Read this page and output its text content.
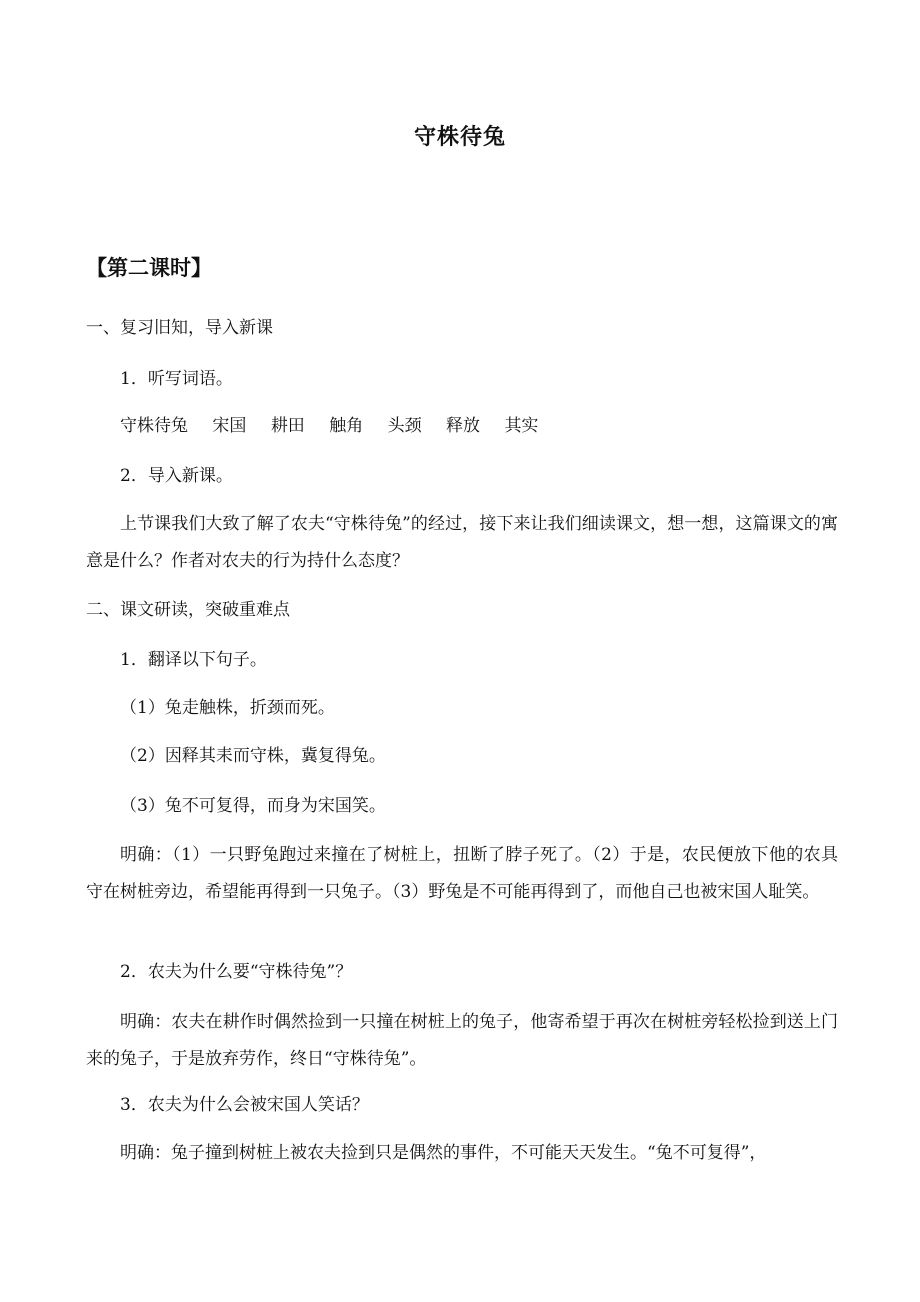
守株待兔
【第二课时】
一、复习旧知，导入新课
1．听写词语。
守株待兔 宋国 耕田 触角 头颈 释放 其实
2．导入新课。
上节课我们大致了解了农夫“守株待兔”的经过，接下来让我们细读课文，想一想，这篇课文的寓意是什么？作者对农夫的行为持什么态度？
二、课文研读，突破重难点
1．翻译以下句子。
（1）兔走触株，折颈而死。
（2）因释其耒而守株，冀复得兔。
（3）兔不可复得，而身为宋国笑。
明确：（1）一只野兔跑过来撞在了树桩上，扭断了脖子死了。（2）于是，农民便放下他的农具守在树桩旁边，希望能再得到一只兔子。（3）野兔是不可能再得到了，而他自己也被宋国人耻笑。
2．农夫为什么要“守株待兔”？
明确：农夫在耕作时偶然捡到一只撞在树桩上的兔子，他寄希望于再次在树桩旁轻松捡到送上门来的兔子，于是放弃劳作，终日“守株待兔”。
3．农夫为什么会被宋国人笑话？
明确：兔子撞到树桩上被农夫捡到只是偶然的事件，不可能天天发生。“兔不可复得”，
